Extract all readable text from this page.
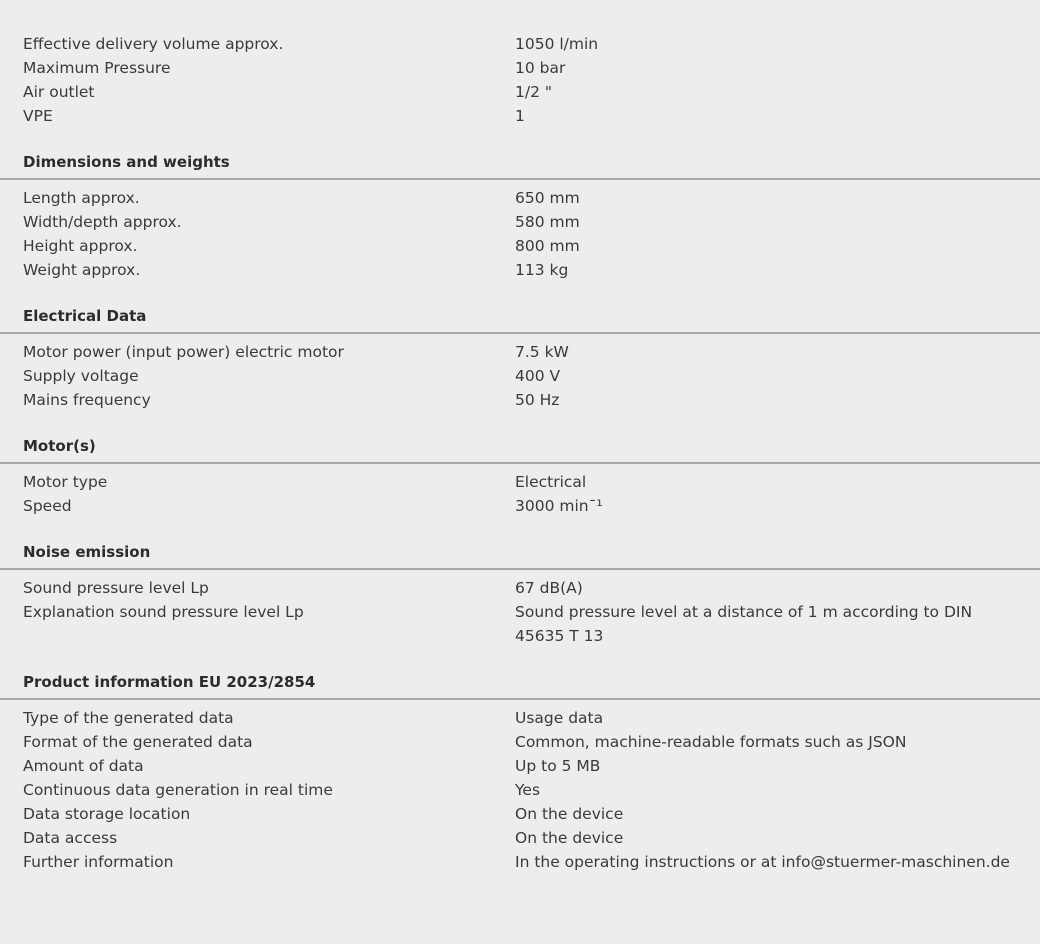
Effective delivery volume approx.	1050 l/min
Maximum Pressure	10 bar
Air outlet	1/2 "
VPE	1
Dimensions and weights
Length approx.	650 mm
Width/depth approx.	580 mm
Height approx.	800 mm
Weight approx.	113 kg
Electrical Data
Motor power (input power) electric motor	7.5 kW
Supply voltage	400 V
Mains frequency	50 Hz
Motor(s)
Motor type	Electrical
Speed	3000 min¯¹
Noise emission
Sound pressure level Lp	67 dB(A)
Explanation sound pressure level Lp	Sound pressure level at a distance of 1 m according to DIN 45635 T 13
Product information EU 2023/2854
Type of the generated data	Usage data
Format of the generated data	Common, machine-readable formats such as JSON
Amount of data	Up to 5 MB
Continuous data generation in real time	Yes
Data storage location	On the device
Data access	On the device
Further information	In the operating instructions or at info@stuermer-maschinen.de
